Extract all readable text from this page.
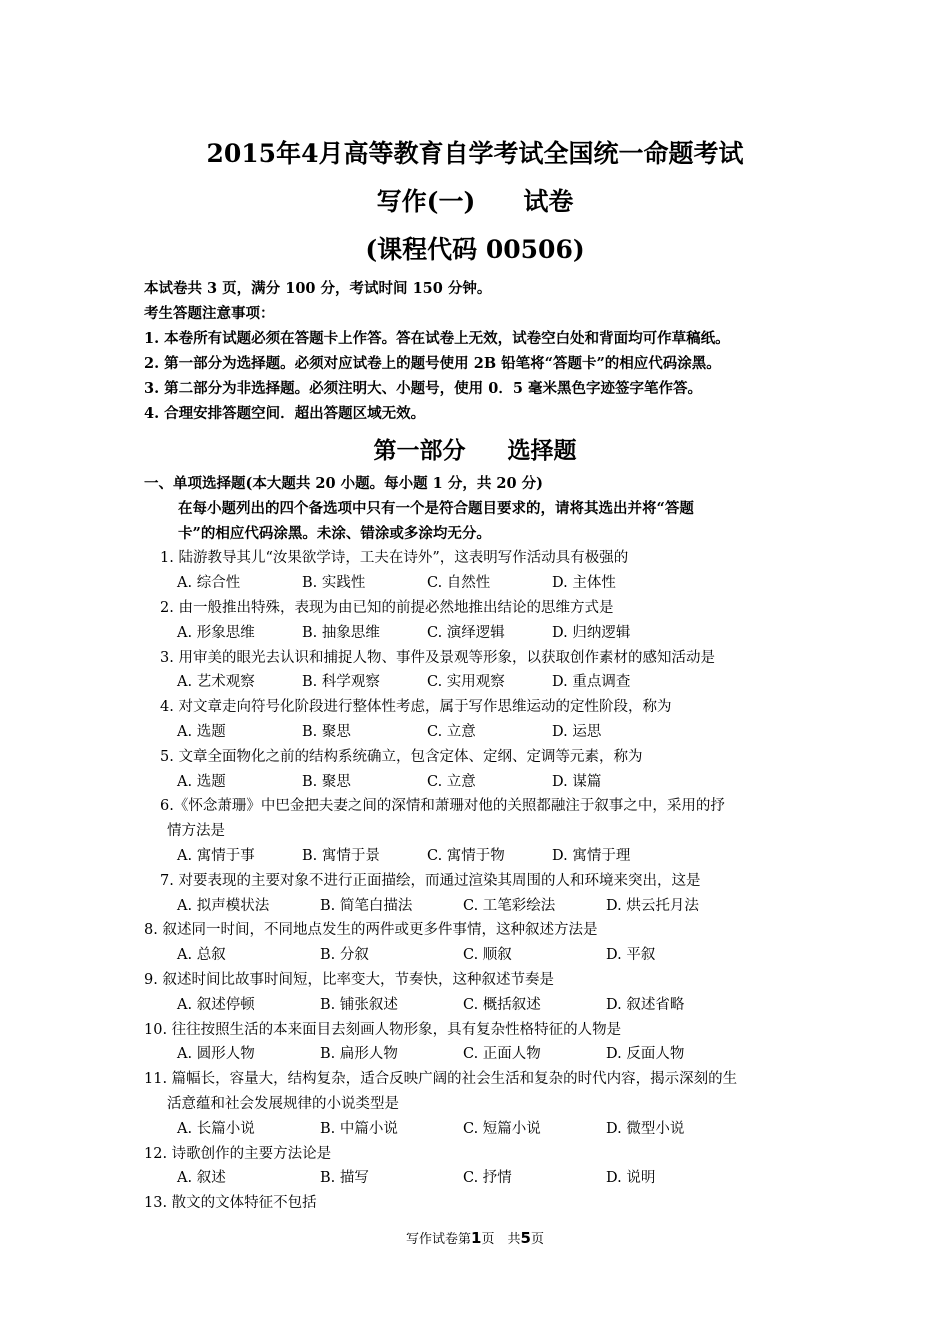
2015年4月高等教育自学考试全国统一命题考试
写作(一) 试卷
(课程代码 00506)
本试卷共 3 页，满分 100 分，考试时间 150 分钟。
考生答题注意事项：
1. 本卷所有试题必须在答题卡上作答。答在试卷上无效，试卷空白处和背面均可作草稿纸。
2. 第一部分为选择题。必须对应试卷上的题号使用 2B 铅笔将“答题卡”的相应代码涂黑。
3. 第二部分为非选择题。必须注明大、小题号，使用 0．5 毫米黑色字迹签字笔作答。
4. 合理安排答题空间．超出答题区域无效。
第一部分 选择题
一、单项选择题(本大题共 20 小题。每小题 1 分，共 20 分)
在每小题列出的四个备选项中只有一个是符合题目要求的，请将其选出并将“答题
卡”的相应代码涂黑。未涂、错涂或多涂均无分。
1. 陆游教导其儿“汝果欲学诗，工夫在诗外”，这表明写作活动具有极强的
A. 综合性	B. 实践性	C. 自然性	D. 主体性
2. 由一般推出特殊，表现为由已知的前提必然地推出结论的思维方式是
A. 形象思维	B. 抽象思维	C. 演绎逻辑	D. 归纳逻辑
3. 用审美的眼光去认识和捕捉人物、事件及景观等形象，以获取创作素材的感知活动是
A. 艺术观察	B. 科学观察	C. 实用观察	D. 重点调查
4. 对文章走向符号化阶段进行整体性考虑，属于写作思维运动的定性阶段，称为
A. 选题	B. 聚思	C. 立意	D. 运思
5. 文章全面物化之前的结构系统确立，包含定体、定纲、定调等元素，称为
A. 选题	B. 聚思	C. 立意	D. 谋篇
6.《怀念萧珊》中巴金把夫妻之间的深情和萧珊对他的关照都融注于叙事之中，采用的抒
情方法是
A. 寓情于事	B. 寓情于景	C. 寓情于物	D. 寓情于理
7. 对要表现的主要对象不进行正面描绘，而通过渲染其周围的人和环境来突出，这是
A. 拟声模状法	B. 简笔白描法	C. 工笔彩绘法	D. 烘云托月法
8. 叙述同一时间，不同地点发生的两件或更多件事情，这种叙述方法是
A. 总叙	B. 分叙	C. 顺叙	D. 平叙
9. 叙述时间比故事时间短，比率变大，节奏快，这种叙述节奏是
A. 叙述停顿	B. 铺张叙述	C. 概括叙述	D. 叙述省略
10. 往往按照生活的本来面目去刻画人物形象，具有复杂性格特征的人物是
A. 圆形人物	B. 扁形人物	C. 正面人物	D. 反面人物
11. 篇幅长，容量大，结构复杂，适合反映广阔的社会生活和复杂的时代内容，揭示深刻的生
活意蕴和社会发展规律的小说类型是
A. 长篇小说	B. 中篇小说	C. 短篇小说	D. 微型小说
12. 诗歌创作的主要方法论是
A. 叙述	B. 描写	C. 抒情	D. 说明
13. 散文的文体特征不包括
写作试卷第1页　共5页
